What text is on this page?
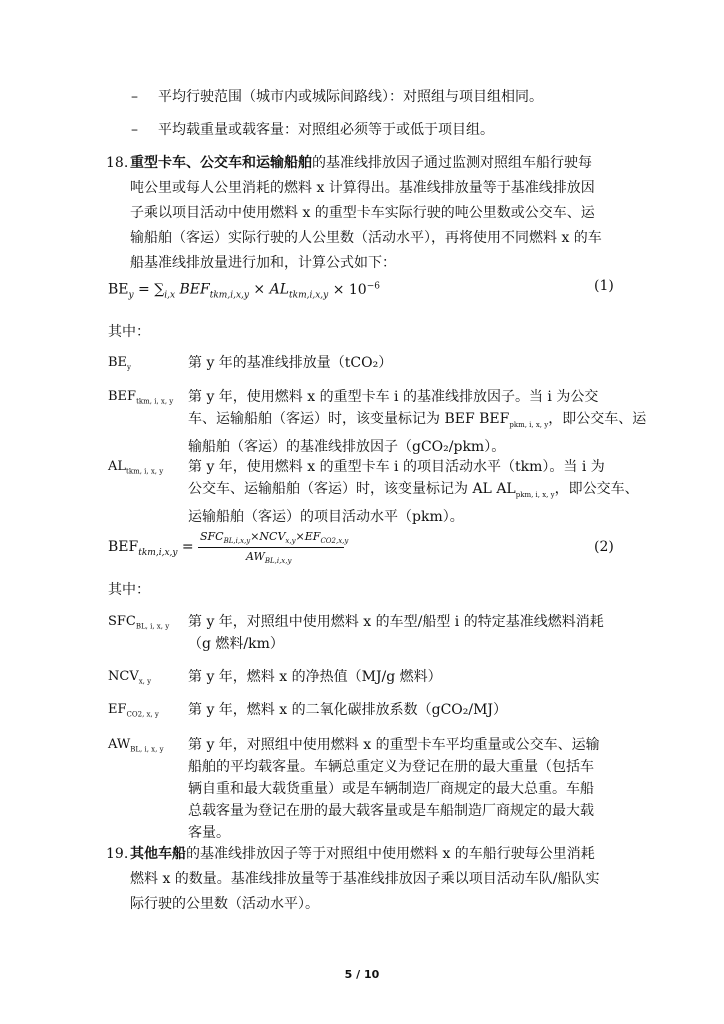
– 平均行驶范围（城市内或城际间路线）：对照组与项目组相同。
– 平均载重量或载客量：对照组必须等于或低于项目组。
18. 重型卡车、公交车和运输船舶的基准线排放因子通过监测对照组车船行驶每

吨公里或每人公里消耗的燃料 x 计算得出。基准线排放量等于基准线排放因

子乘以项目活动中使用燃料 x 的重型卡车实际行驶的吨公里数或公交车、运

输船舶（客运）实际行驶的人公里数（活动水平），再将使用不同燃料 x 的车

船基准线排放量进行加和，计算公式如下：

$BE_y = \sum_{i,x}$ $BEF_{tkm,i,x,y} \times AL_{tkm,i,x,y} \times 10^{-6}$	(1)
其中：
$BE_y$	第 y 年的基准线排放量（tCO₂）

$BEF_{tkm, i, x, y}$ 第 y 年，使用燃料 x 的重型卡车 i 的基准线排放因子。当 i 为公交

车、运输船舶（客运）时，该变量标记为 BEF $BEF_{pkm, i, x, y}$，即公交车、运

输船舶（客运）的基准线排放因子（gCO₂/pkm）。

$AL_{tkm, i, x, y}$ 第 y 年，使用燃料 x 的重型卡车 i 的项目活动水平（tkm）。当 i 为

公交车、运输船舶（客运）时，该变量标记为 AL $AL_{pkm, i, x, y}$，即公交车、

运输船舶（客运）的项目活动水平（pkm）。

$BEF_{tkm,i,x,y}$ =
$SFC_{BL,i,x,y}\times NCV_{x,y}\times EF_{CO2,x,y}$
$AW_{BL,i,x,y}$
(2)
其中：
$SFC_{BL, i, x, y}$ 第 y 年，对照组中使用燃料 x 的车型/船型 i 的特定基准线燃料消耗

（g 燃料/km）

$NCV_{x, y}$	第 y 年，燃料 x 的净热值（MJ/g 燃料）

$EF_{CO2, x, y}$ 第 y 年，燃料 x 的二氧化碳排放系数（gCO₂/MJ）

$AW_{BL, i, x, y}$ 第 y 年，对照组中使用燃料 x 的重型卡车平均重量或公交车、运输

船舶的平均载客量。车辆总重定义为登记在册的最大重量（包括车

辆自重和最大载货重量）或是车辆制造厂商规定的最大总重。车船

总载客量为登记在册的最大载客量或是车船制造厂商规定的最大载

客量。

19. 其他车船的基准线排放因子等于对照组中使用燃料 x 的车船行驶每公里消耗

燃料 x 的数量。基准线排放量等于基准线排放因子乘以项目活动车队/船队实

际行驶的公里数（活动水平）。

5 / 10
